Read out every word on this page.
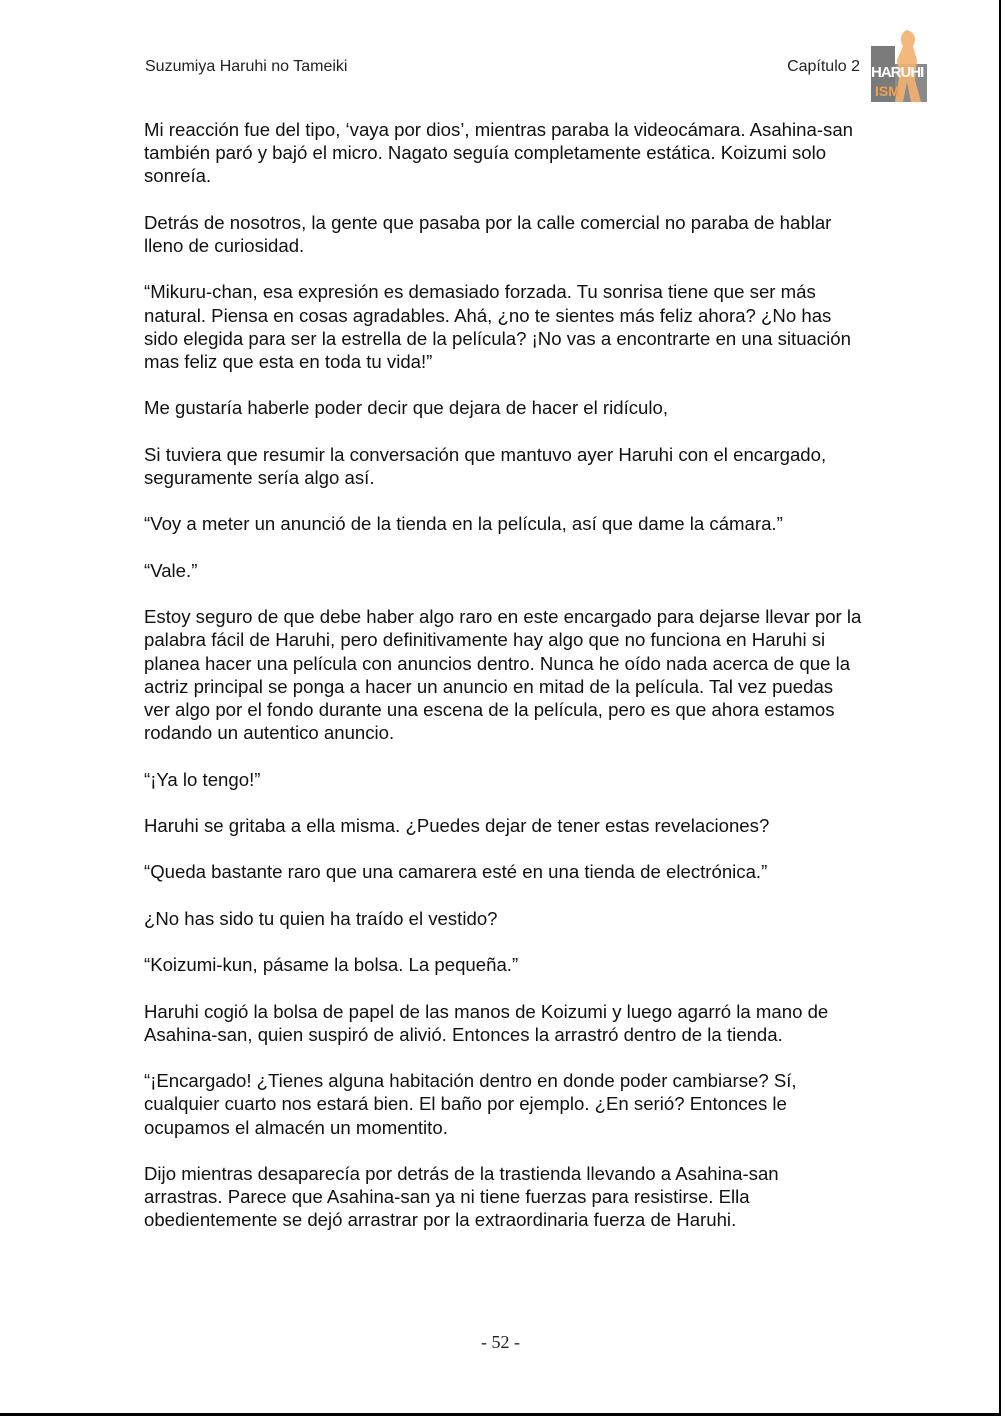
Suzumiya Haruhi no Tameiki	Capítulo 2 HARUHI
ISM

Mi reacción fue del tipo, ‘vaya por dios’, mientras paraba la videocámara. Asahina-san también paró y bajó el micro. Nagato seguía completamente estática. Koizumi solo sonreía.

Detrás de nosotros, la gente que pasaba por la calle comercial no paraba de hablar lleno de curiosidad.

“Mikuru-chan, esa expresión es demasiado forzada. Tu sonrisa tiene que ser más natural. Piensa en cosas agradables. Ahá, ¿no te sientes más feliz ahora? ¿No has sido elegida para ser la estrella de la película? ¡No vas a encontrarte en una situación mas feliz que esta en toda tu vida!”

Me gustaría haberle poder decir que dejara de hacer el ridículo,

Si tuviera que resumir la conversación que mantuvo ayer Haruhi con el encargado, seguramente sería algo así.

“Voy a meter un anunció de la tienda en la película, así que dame la cámara.”

“Vale.”

Estoy seguro de que debe haber algo raro en este encargado para dejarse llevar por la palabra fácil de Haruhi, pero definitivamente hay algo que no funciona en Haruhi si planea hacer una película con anuncios dentro. Nunca he oído nada acerca de que la actriz principal se ponga a hacer un anuncio en mitad de la película. Tal vez puedas ver algo por el fondo durante una escena de la película, pero es que ahora estamos rodando un autentico anuncio.

“¡Ya lo tengo!”

Haruhi se gritaba a ella misma. ¿Puedes dejar de tener estas revelaciones?

“Queda bastante raro que una camarera esté en una tienda de electrónica.”

¿No has sido tu quien ha traído el vestido?

“Koizumi-kun, pásame la bolsa. La pequeña.”

Haruhi cogió la bolsa de papel de las manos de Koizumi y luego agarró la mano de Asahina-san, quien suspiró de alivió. Entonces la arrastró dentro de la tienda.

“¡Encargado! ¿Tienes alguna habitación dentro en donde poder cambiarse? Sí, cualquier cuarto nos estará bien. El baño por ejemplo. ¿En serió? Entonces le ocupamos el almacén un momentito.

Dijo mientras desaparecía por detrás de la trastienda llevando a Asahina-san arrastras. Parece que Asahina-san ya ni tiene fuerzas para resistirse. Ella obedientemente se dejó arrastrar por la extraordinaria fuerza de Haruhi.

- 52 -
